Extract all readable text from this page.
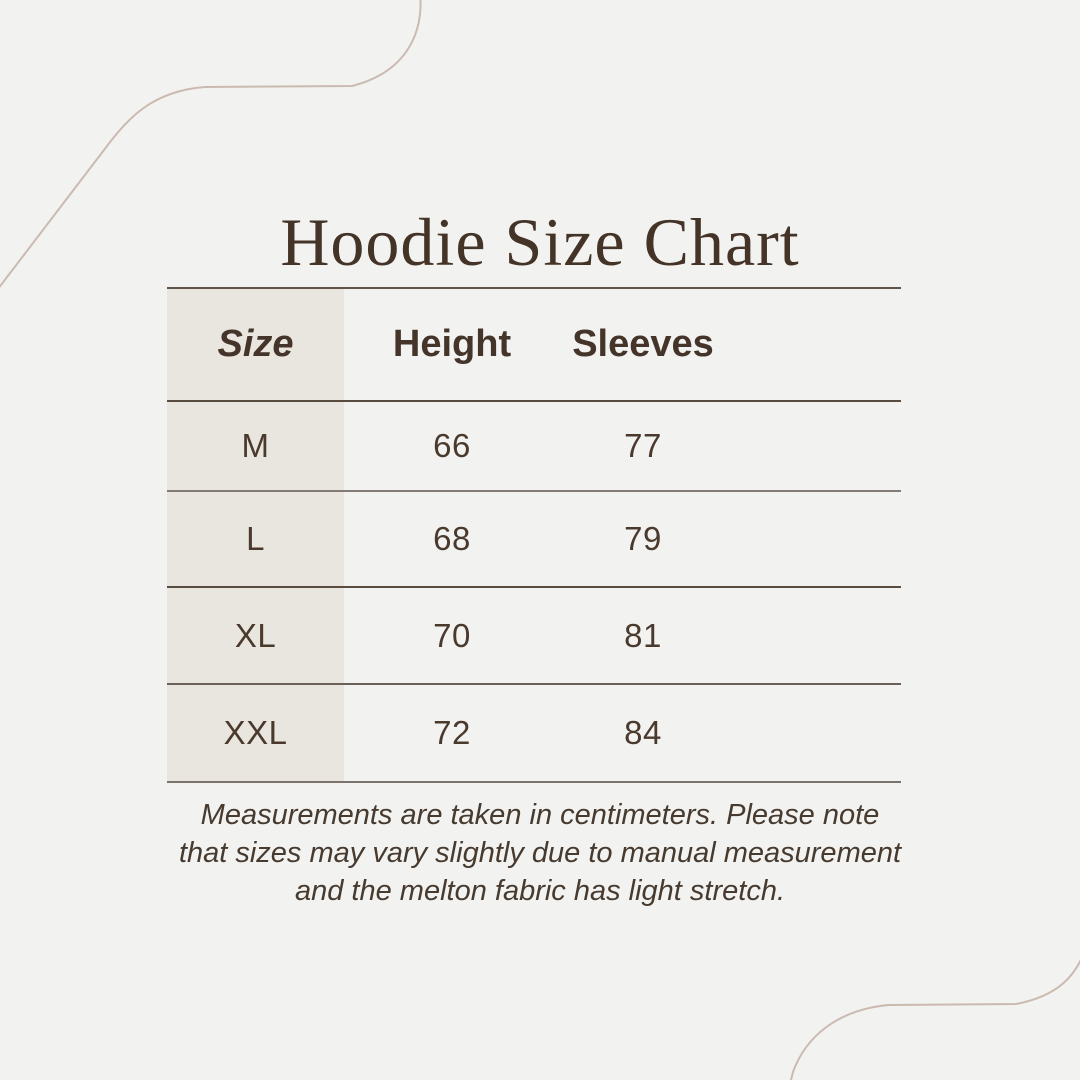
Hoodie Size Chart
Size	Height	Sleeves
M	66	77
L	68	79
XL	70	81
XXL	72	84
Measurements are taken in centimeters. Please note
that sizes may vary slightly due to manual measurement
and the melton fabric has light stretch.
